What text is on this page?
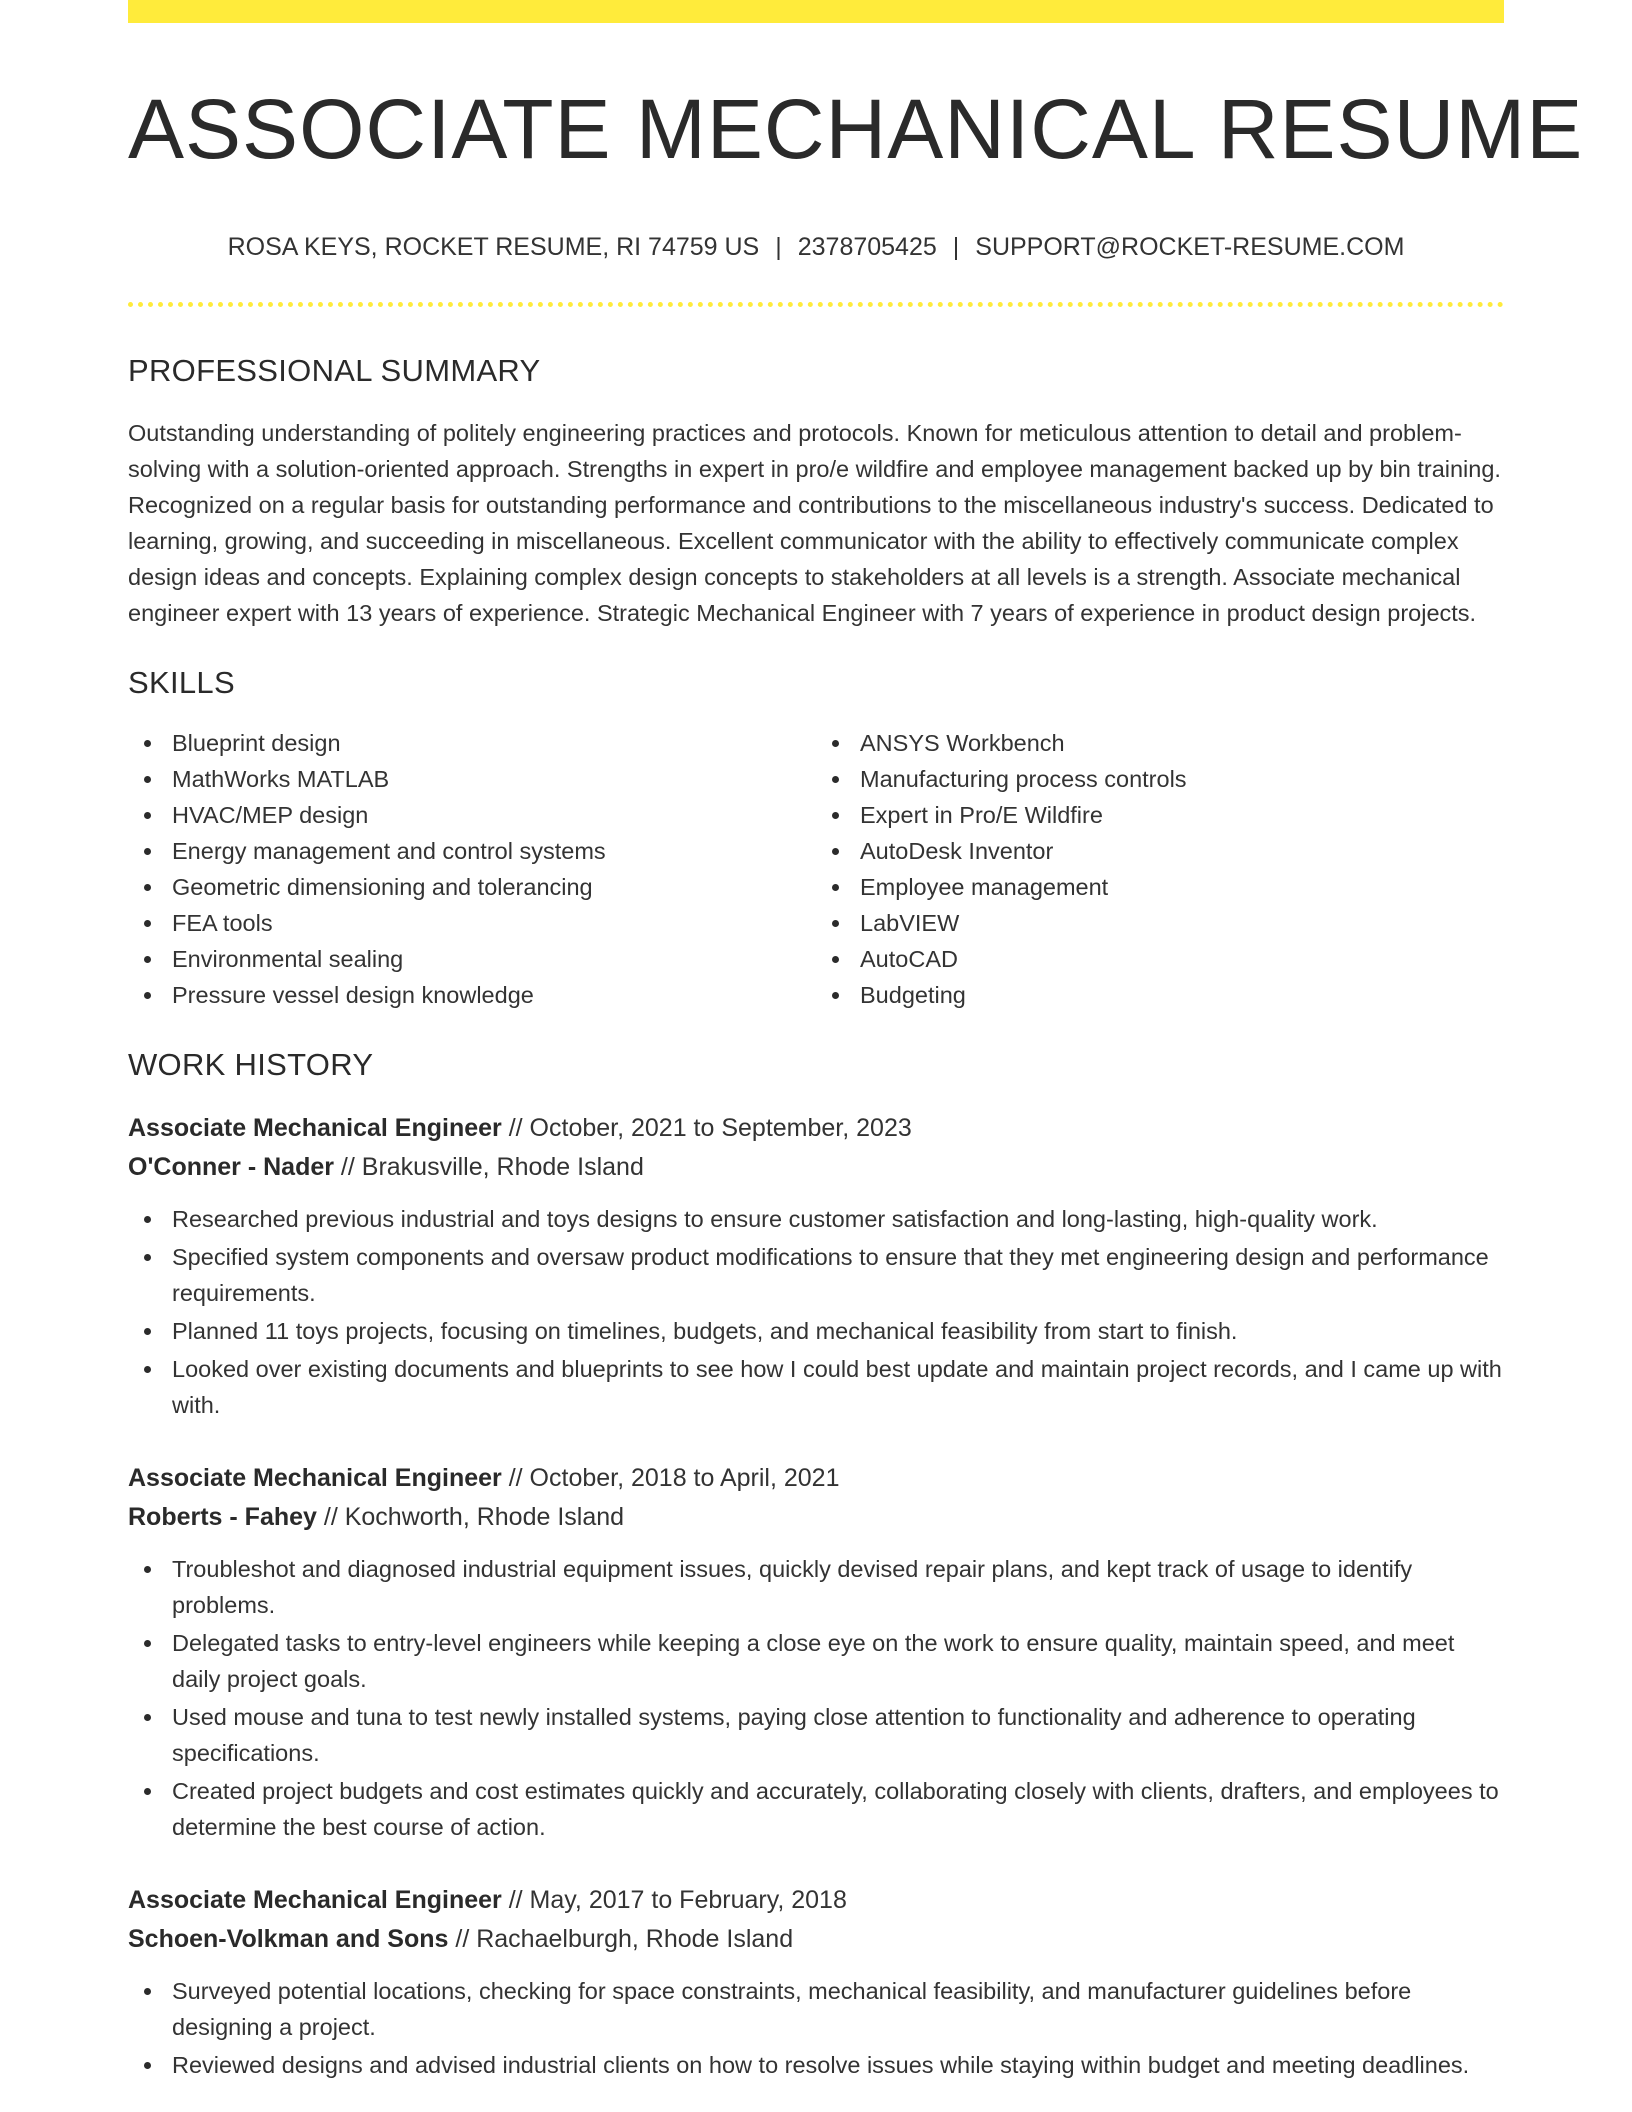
ASSOCIATE MECHANICAL RESUME
ROSA KEYS, ROCKET RESUME, RI 74759 US | 2378705425 | SUPPORT@ROCKET-RESUME.COM
PROFESSIONAL SUMMARY

Outstanding understanding of politely engineering practices and protocols. Known for meticulous attention to detail and problem-solving with a solution-oriented approach. Strengths in expert in pro/e wildfire and employee management backed up by bin training. Recognized on a regular basis for outstanding performance and contributions to the miscellaneous industry's success. Dedicated to learning, growing, and succeeding in miscellaneous. Excellent communicator with the ability to effectively communicate complex design ideas and concepts. Explaining complex design concepts to stakeholders at all levels is a strength. Associate mechanical engineer expert with 13 years of experience. Strategic Mechanical Engineer with 7 years of experience in product design projects.

SKILLS
Blueprint design
MathWorks MATLAB
HVAC/MEP design
Energy management and control systems
Geometric dimensioning and tolerancing
FEA tools
Environmental sealing
Pressure vessel design knowledge
ANSYS Workbench
Manufacturing process controls
Expert in Pro/E Wildfire
AutoDesk Inventor
Employee management
LabVIEW
AutoCAD
Budgeting
WORK HISTORY
Associate Mechanical Engineer // October, 2021 to September, 2023
O'Conner - Nader // Brakusville, Rhode Island
Researched previous industrial and toys designs to ensure customer satisfaction and long-lasting, high-quality work.
Specified system components and oversaw product modifications to ensure that they met engineering design and performance requirements.
Planned 11 toys projects, focusing on timelines, budgets, and mechanical feasibility from start to finish.
Looked over existing documents and blueprints to see how I could best update and maintain project records, and I came up with with.
Associate Mechanical Engineer // October, 2018 to April, 2021
Roberts - Fahey // Kochworth, Rhode Island
Troubleshot and diagnosed industrial equipment issues, quickly devised repair plans, and kept track of usage to identify problems.
Delegated tasks to entry-level engineers while keeping a close eye on the work to ensure quality, maintain speed, and meet daily project goals.
Used mouse and tuna to test newly installed systems, paying close attention to functionality and adherence to operating specifications.
Created project budgets and cost estimates quickly and accurately, collaborating closely with clients, drafters, and employees to determine the best course of action.
Associate Mechanical Engineer // May, 2017 to February, 2018
Schoen-Volkman and Sons // Rachaelburgh, Rhode Island
Surveyed potential locations, checking for space constraints, mechanical feasibility, and manufacturer guidelines before designing a project.
Reviewed designs and advised industrial clients on how to resolve issues while staying within budget and meeting deadlines.
